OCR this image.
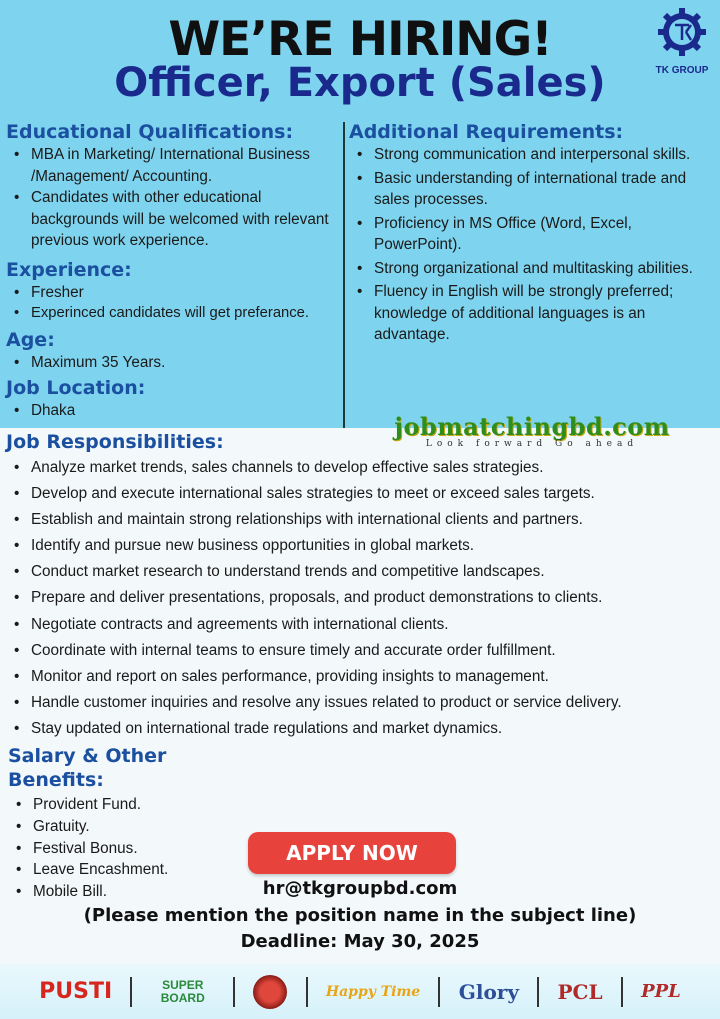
WE’RE HIRING!
Officer, Export (Sales)	TK GROUP
Educational Qualifications:
• MBA in Marketing/ International Business /Management/ Accounting.
• Candidates with other educational backgrounds will be welcomed with relevant previous work experience.
Experience:
• Fresher
• Experinced candidates will get preferance.
Age:
• Maximum 35 Years.
Job Location:
• Dhaka
Additional Requirements:
• Strong communication and interpersonal skills.
• Basic understanding of international trade and sales processes.
• Proficiency in MS Office (Word, Excel, PowerPoint).
• Strong organizational and multitasking abilities.
• Fluency in English will be strongly preferred; knowledge of additional languages is an advantage.
jobmatchingbd.com
Look forward Go ahead
Job Responsibilities:
• Analyze market trends, sales channels to develop effective sales strategies.
• Develop and execute international sales strategies to meet or exceed sales targets.
• Establish and maintain strong relationships with international clients and partners.
• Identify and pursue new business opportunities in global markets.
• Conduct market research to understand trends and competitive landscapes.
• Prepare and deliver presentations, proposals, and product demonstrations to clients.
• Negotiate contracts and agreements with international clients.
• Coordinate with internal teams to ensure timely and accurate order fulfillment.
• Monitor and report on sales performance, providing insights to management.
• Handle customer inquiries and resolve any issues related to product or service delivery.
• Stay updated on international trade regulations and market dynamics.
Salary & Other Benefits:
• Provident Fund.
• Gratuity.
• Festival Bonus.
• Leave Encashment.
• Mobile Bill.
APPLY NOW
hr@tkgroupbd.com
(Please mention the position name in the subject line)
Deadline: May 30, 2025
PUSTI	SUPER BOARD	Happy Time Glory PCL PPL
